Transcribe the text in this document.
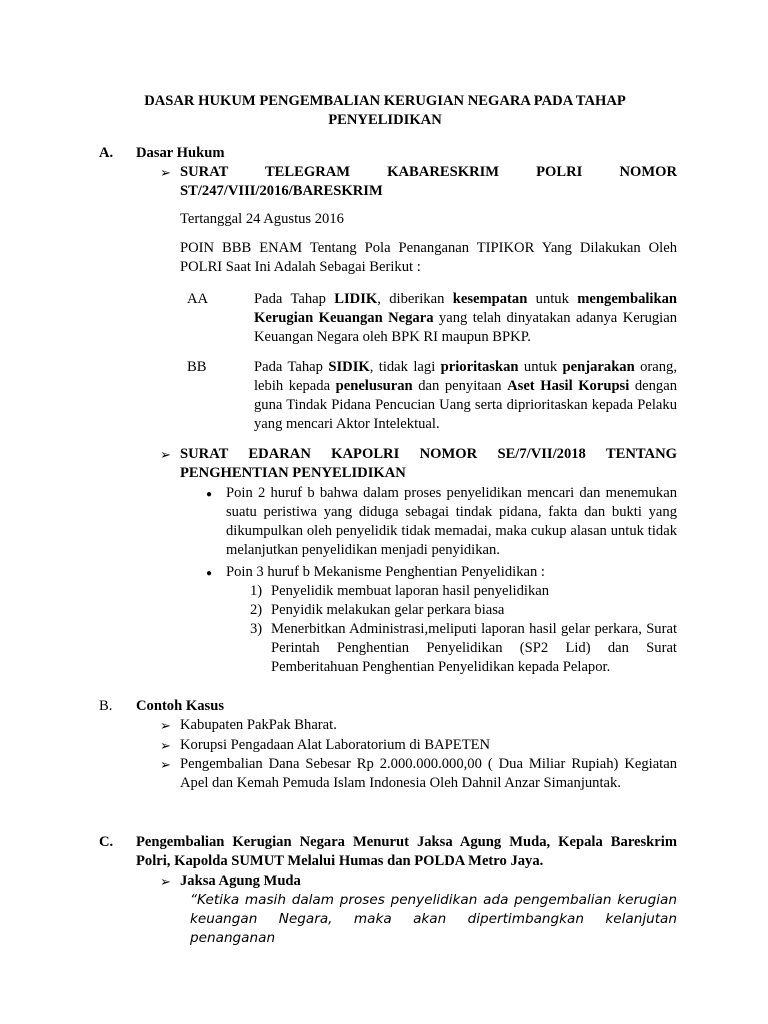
DASAR HUKUM PENGEMBALIAN KERUGIAN NEGARA PADA TAHAP
PENYELIDIKAN
A. Dasar Hukum
➢ SURAT TELEGRAM KABARESKRIM POLRI NOMOR
ST/247/VIII/2016/BARESKRIM
Tertanggal 24 Agustus 2016
POIN BBB ENAM Tentang Pola Penanganan TIPIKOR Yang Dilakukan Oleh POLRI Saat Ini Adalah Sebagai Berikut :
AA	Pada Tahap LIDIK, diberikan kesempatan untuk mengembalikan Kerugian Keuangan Negara yang telah dinyatakan adanya Kerugian Keuangan Negara oleh BPK RI maupun BPKP.
BB	Pada Tahap SIDIK, tidak lagi prioritaskan untuk penjarakan orang, lebih kepada penelusuran dan penyitaan Aset Hasil Korupsi dengan guna Tindak Pidana Pencucian Uang serta diprioritaskan kepada Pelaku yang mencari Aktor Intelektual.
➢ SURAT EDARAN KAPOLRI NOMOR SE/7/VII/2018 TENTANG
PENGHENTIAN PENYELIDIKAN
● Poin 2 huruf b bahwa dalam proses penyelidikan mencari dan menemukan suatu peristiwa yang diduga sebagai tindak pidana, fakta dan bukti yang dikumpulkan oleh penyelidik tidak memadai, maka cukup alasan untuk tidak melanjutkan penyelidikan menjadi penyidikan.
● Poin 3 huruf b Mekanisme Penghentian Penyelidikan :
1) Penyelidik membuat laporan hasil penyelidikan
2) Penyidik melakukan gelar perkara biasa
3) Menerbitkan Administrasi,meliputi laporan hasil gelar perkara, Surat Perintah Penghentian Penyelidikan (SP2 Lid) dan Surat Pemberitahuan Penghentian Penyelidikan kepada Pelapor.
B. Contoh Kasus
➢ Kabupaten PakPak Bharat.
➢ Korupsi Pengadaan Alat Laboratorium di BAPETEN
➢ Pengembalian Dana Sebesar Rp 2.000.000.000,00 ( Dua Miliar Rupiah) Kegiatan Apel dan Kemah Pemuda Islam Indonesia Oleh Dahnil Anzar Simanjuntak.
C. Pengembalian Kerugian Negara Menurut Jaksa Agung Muda, Kepala Bareskrim Polri, Kapolda SUMUT Melalui Humas dan POLDA Metro Jaya.
➢ Jaksa Agung Muda
“Ketika masih dalam proses penyelidikan ada pengembalian kerugian
keuangan Negara, maka akan dipertimbangkan kelanjutan penanganan
